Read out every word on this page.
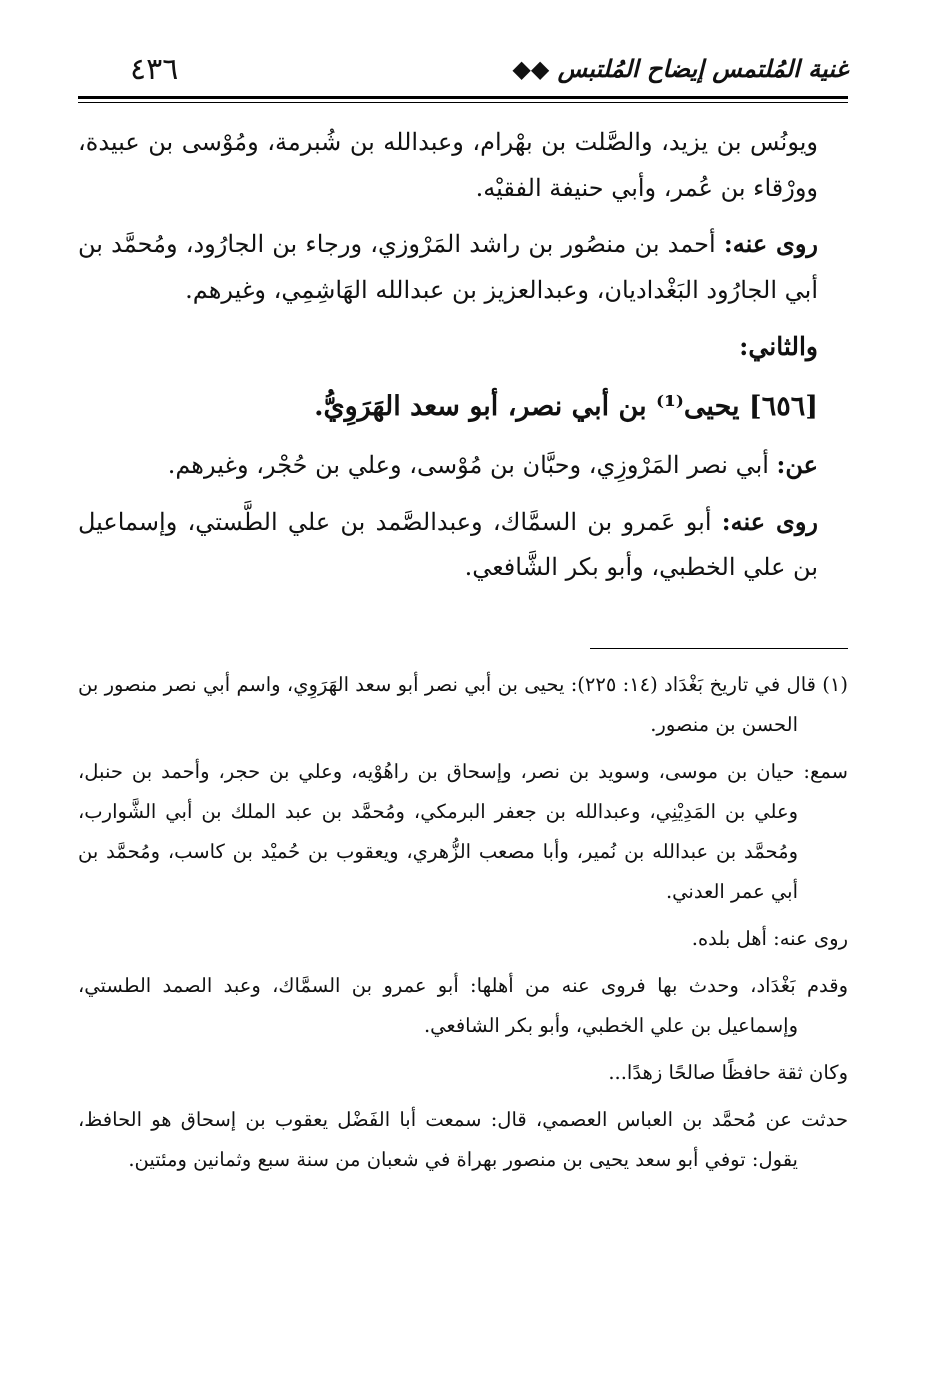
٤٣٦	غنية المُلتمس إيضاح المُلتبس ◆◆

ويونُس بن يزيد، والصَّلت بن بهْرام، وعبدالله بن شُبرمة، ومُوْسى بن عبيدة، وورْقاء بن عُمر، وأبي حنيفة الفقيْه.

روى عنه: أحمد بن منصُور بن راشد المَرْوزي، ورجاء بن الجارُود، ومُحمَّد بن أبي الجارُود البَغْداديان، وعبدالعزيز بن عبدالله الهَاشِمِي، وغيرهم.

والثاني:

[٦٥٦] يحيى⁽¹⁾ بن أبي نصر، أبو سعد الهَرَوِيُّ.

عن: أبي نصر المَرْوزِي، وحبَّان بن مُوْسى، وعلي بن حُجْر، وغيرهم.

روى عنه: أبو عَمرو بن السمَّاك، وعبدالصَّمد بن علي الطَّستي، وإسماعيل بن علي الخطبي، وأبو بكر الشَّافعي.

(١) قال في تاريخ بَغْدَاد (١٤: ٢٢٥): يحيى بن أبي نصر أبو سعد الهَرَوِي، واسم أبي نصر منصور بن الحسن بن منصور.

سمع: حيان بن موسى، وسويد بن نصر، وإسحاق بن راهُوْيه، وعلي بن حجر، وأحمد بن حنبل، وعلي بن المَدِيْنِي، وعبدالله بن جعفر البرمكي، ومُحمَّد بن عبد الملك بن أبي الشَّوارب، ومُحمَّد بن عبدالله بن نُمير، وأبا مصعب الزُّهري، ويعقوب بن حُميْد بن كاسب، ومُحمَّد بن أبي عمر العدني.

روى عنه: أهل بلده.

وقدم بَغْدَاد، وحدث بها فروى عنه من أهلها: أبو عمرو بن السمَّاك، وعبد الصمد الطستي، وإسماعيل بن علي الخطبي، وأبو بكر الشافعي.

وكان ثقة حافظًا صالحًا زهدًا...

حدثت عن مُحمَّد بن العباس العصمي، قال: سمعت أبا الفَضْل يعقوب بن إسحاق هو الحافظ، يقول: توفي أبو سعد يحيى بن منصور بهراة في شعبان من سنة سبع وثمانين ومئتين.
